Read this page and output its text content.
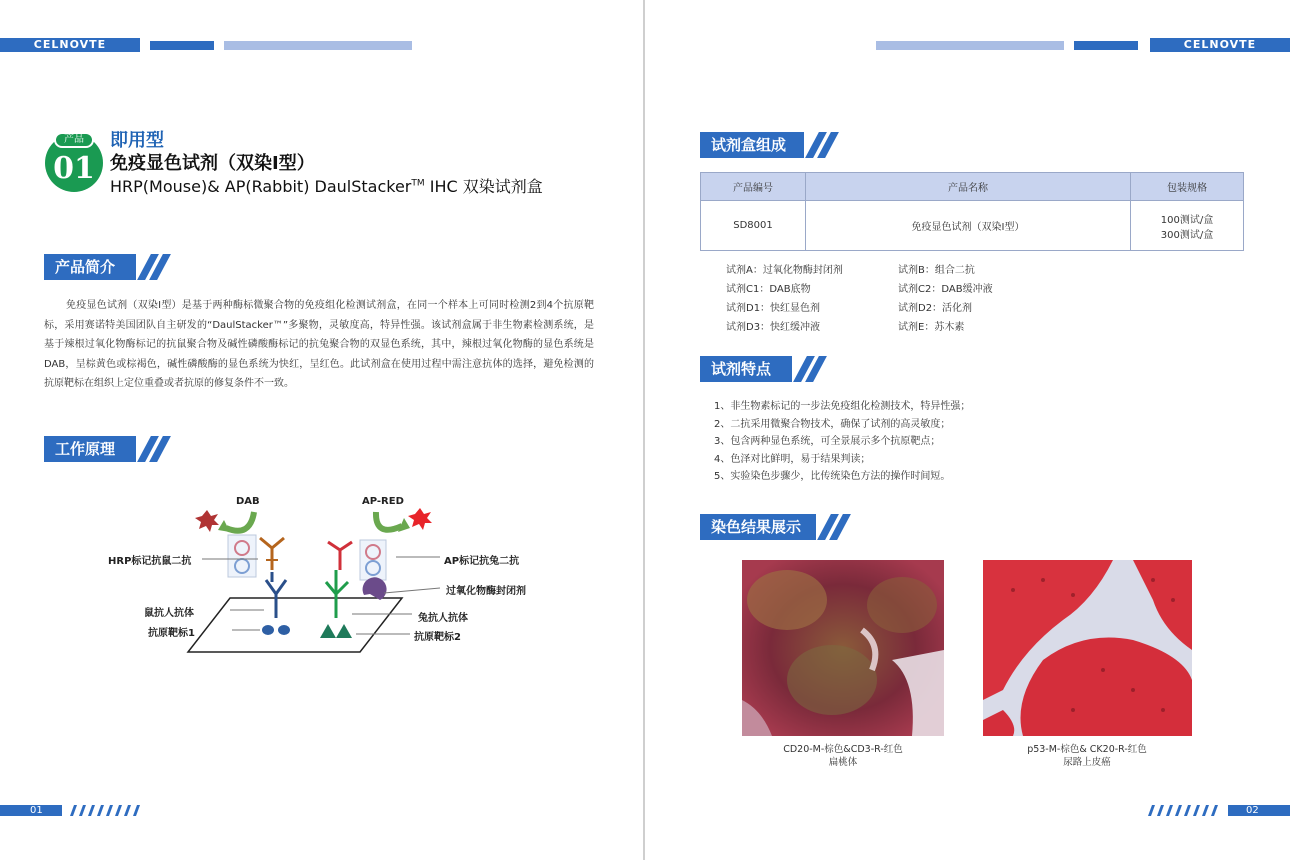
CELNOVTE
产品
01
即用型
免疫显色试剂（双染I型）
HRP(Mouse)& AP(Rabbit) DaulStacker™ IHC 双染试剂盒
产品简介
免疫显色试剂（双染I型）是基于两种酶标微聚合物的免疫组化检测试剂盒，在同一个样本上可同时检测2到4个抗原靶标，采用赛诺特美国团队自主研发的“DaulStacker™”多聚物，灵敏度高，特异性强。该试剂盒属于非生物素检测系统，是基于辣根过氧化物酶标记的抗鼠聚合物及碱性磷酸酶标记的抗兔聚合物的双显色系统，其中，辣根过氧化物酶的显色系统是DAB，呈棕黄色或棕褐色，碱性磷酸酶的显色系统为快红，呈红色。此试剂盒在使用过程中需注意抗体的选择，避免检测的抗原靶标在组织上定位重叠或者抗原的修复条件不一致。
工作原理
DAB	AP-RED
HRP标记抗鼠二抗	AP标记抗兔二抗
过氧化物酶封闭剂
鼠抗人抗体	兔抗人抗体
抗原靶标1	抗原靶标2
01
CELNOVTE
试剂盒组成
产品编号	产品名称	包装规格
SD8001	免疫显色试剂（双染I型）	100测试/盒
300测试/盒
试剂A：过氧化物酶封闭剂
试剂C1：DAB底物
试剂D1：快红显色剂
试剂D3：快红缓冲液
试剂B：组合二抗
试剂C2：DAB缓冲液
试剂D2：活化剂
试剂E：苏木素
试剂特点
1、非生物素标记的一步法免疫组化检测技术，特异性强；
2、二抗采用微聚合物技术，确保了试剂的高灵敏度；
3、包含两种显色系统，可全景展示多个抗原靶点；
4、色泽对比鲜明，易于结果判读；
5、实验染色步骤少，比传统染色方法的操作时间短。
染色结果展示
CD20-M-棕色&CD3-R-红色
扁桃体
p53-M-棕色& CK20-R-红色
尿路上皮癌
02
